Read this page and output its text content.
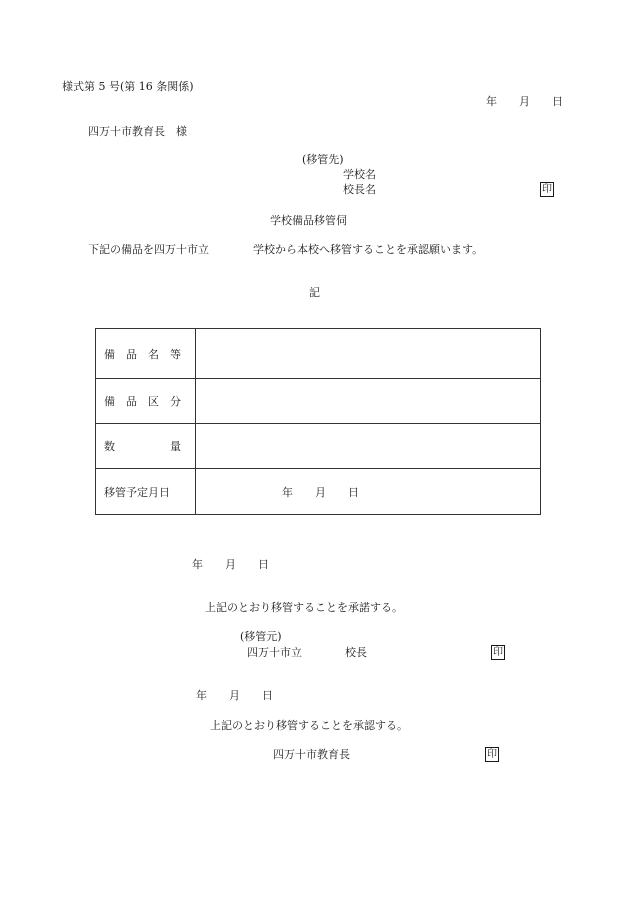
様式第 5 号(第 16 条関係)
年　　月　　日
四万十市教育長　様
(移管先)
学校名
校長名	印
学校備品移管伺
下記の備品を四万十市立　　　　学校から本校へ移管することを承認願います。
記
備　品　名　等	
備　品　区　分	
数　　　　　量	
移管予定月日	年　　月　　日
年　　月　　日
上記のとおり移管することを承諾する。
(移管元)
四万十市立	校長	印
年　　月　　日
上記のとおり移管することを承認する。
四万十市教育長	印
